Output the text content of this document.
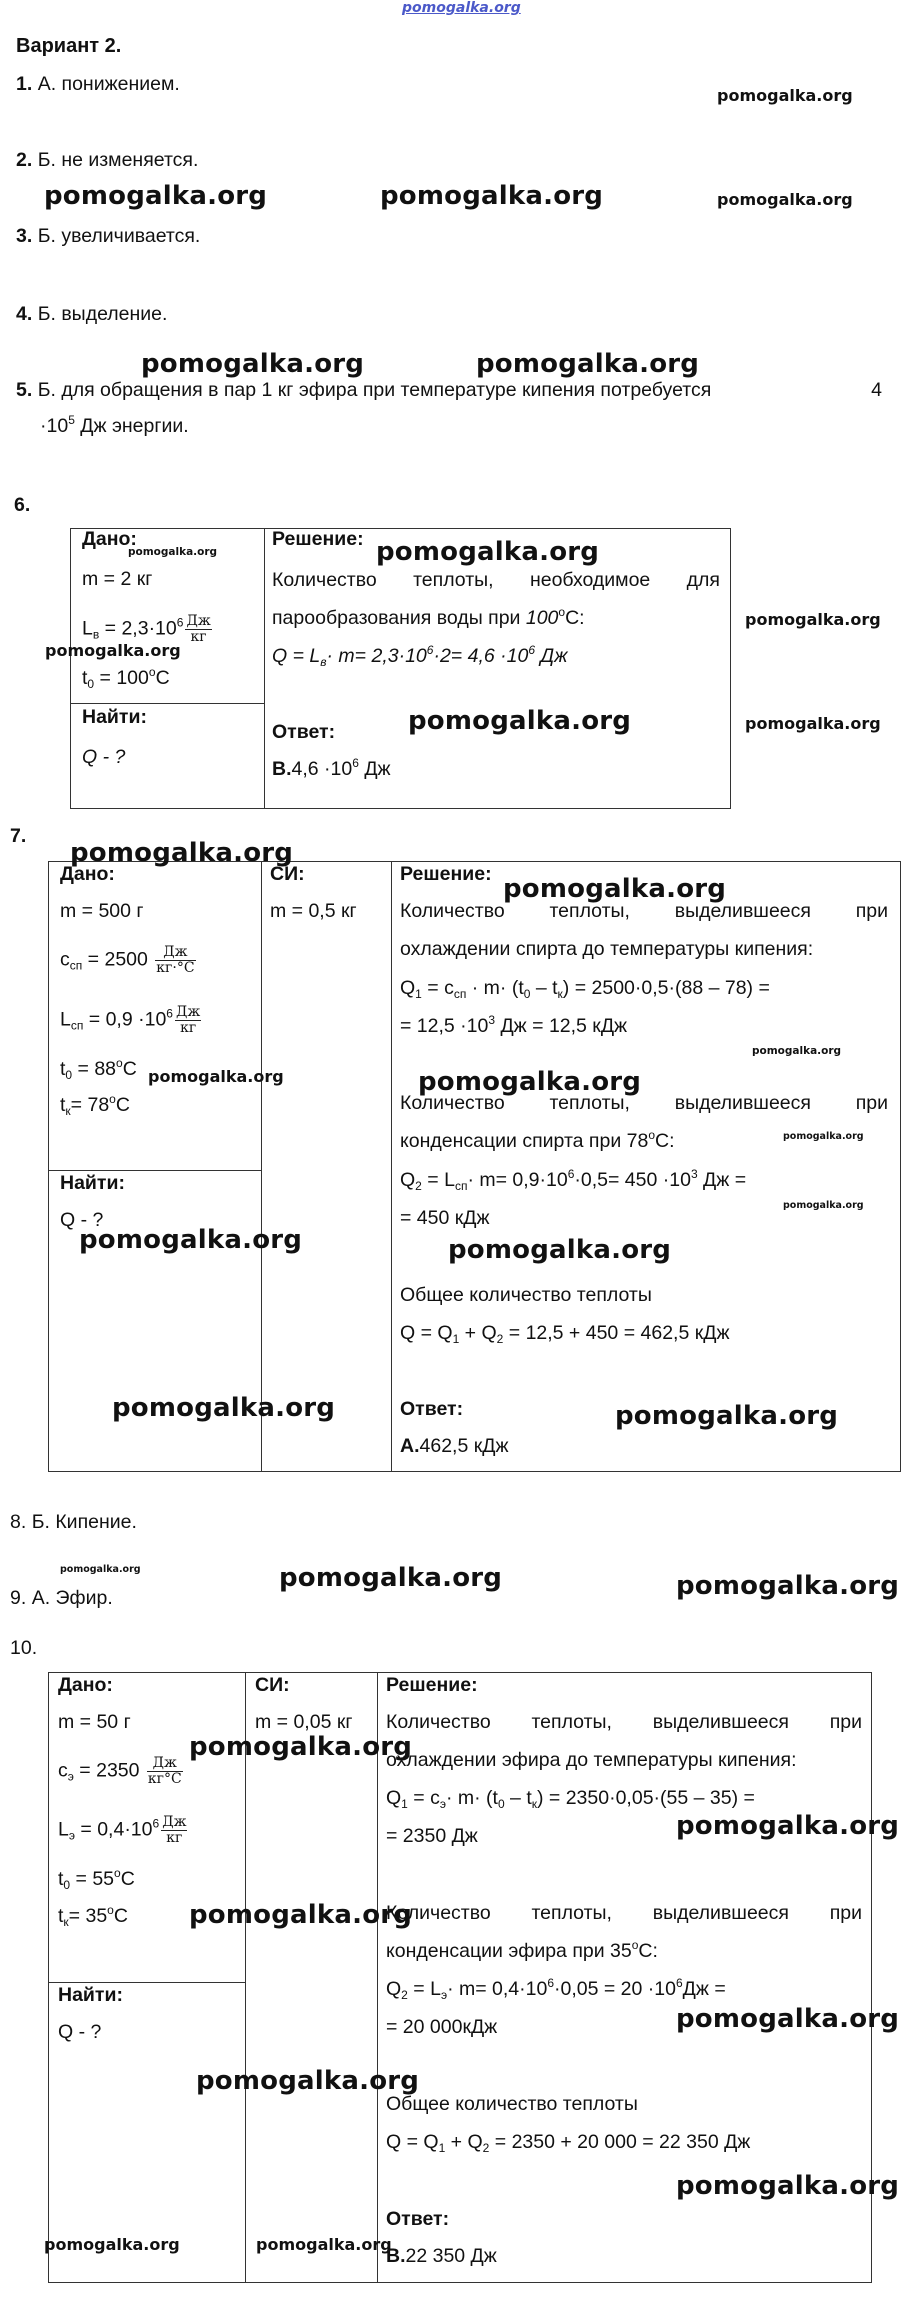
pomogalka.org
Вариант 2.
1. А. понижением.
2. Б. не изменяется.
3. Б. увеличивается.
4. Б. выделение.
5. Б. для обращения в пар 1 кг эфира при температуре кипения потребуется	4
$\cdot 10^5$ Дж энергии.
6.
Дано:
m = 2 кг
$L_в = 2,3\cdot 10^6 \frac{Дж}{кг}$
$t_0 = 100^оС$
Найти:
Q - ?
Решение:
Количество теплоты, необходимое для
парообразования воды при $100^оС$:
$Q = L_в\cdot m= 2,3\cdot 10^6\cdot 2= 4,6 \cdot 10^6$ Дж
Ответ:
$В.4,6 \cdot 10^6$ Дж
7.
Дано:
m = 500 г
$c_{сп} = 2500 \frac{Дж}{кг\cdot^\circ С}$
$L_{сп} = 0,9 \cdot 10^6 \frac{Дж}{кг}$
$t_0 = 88^оС$
$t_к= 78^оС$
Найти:
Q - ?
СИ:
m = 0,5 кг
Решение:
Количество теплоты, выделившееся при
охлаждении спирта до температуры кипения:
$Q_1 = c_{сп} \cdot m\cdot (t_0 - t_к) = 2500\cdot 0,5\cdot(88 - 78)$ =
= $12,5 \cdot 10^3$ Дж = 12,5 кДж
Количество теплоты, выделившееся при
конденсации спирта при $78^оС$:
$Q_2 = L_{сп}\cdot m= 0,9\cdot 10^6\cdot 0,5= 450 \cdot 10^3$ Дж =
= 450 кДж
Общее количество теплоты
$Q = Q_1 + Q_2 = 12,5 + 450 = 462,5$ кДж
Ответ:
А.462,5 кДж
8. Б. Кипение.
9. А. Эфир.
10.
Дано:
m = 50 г
$c_э = 2350 \frac{Дж}{кг^\circ С}$
$L_э = 0,4\cdot 10^6 \frac{Дж}{кг}$
$t_0 = 55^оС$
$t_к= 35^оС$
Найти:
Q - ?
СИ:
m = 0,05 кг
Решение:
Количество теплоты, выделившееся при
охлаждении эфира до температуры кипения:
$Q_1 = c_э\cdot m\cdot (t_0 - t_к) = 2350\cdot 0,05\cdot(55 - 35)$ =
= 2350 Дж
Количество теплоты, выделившееся при
конденсации эфира при $35^оС$:
$Q_2 = L_э\cdot m= 0,4\cdot 10^6\cdot 0,05 = 20 \cdot 10^6Дж$ =
= 20 000кДж
Общее количество теплоты
$Q = Q_1 + Q_2 = 2350 + 20$ 000 = 22 350 Дж
Ответ:
В.22 350 Дж
pomogalka.org
pomogalka.org	pomogalka.org	pomogalka.org
pomogalka.org	pomogalka.org
pomogalka.org	pomogalka.org
pomogalka.org
pomogalka.org
pomogalka.org	pomogalka.org
pomogalka.org
pomogalka.org
pomogalka.org
pomogalka.org	pomogalka.org
pomogalka.org
pomogalka.org
pomogalka.org	pomogalka.org
pomogalka.org	pomogalka.org
pomogalka.org	pomogalka.org	pomogalka.org
pomogalka.org
pomogalka.org
pomogalka.org
pomogalka.org
pomogalka.org
pomogalka.org
pomogalka.org	pomogalka.org
